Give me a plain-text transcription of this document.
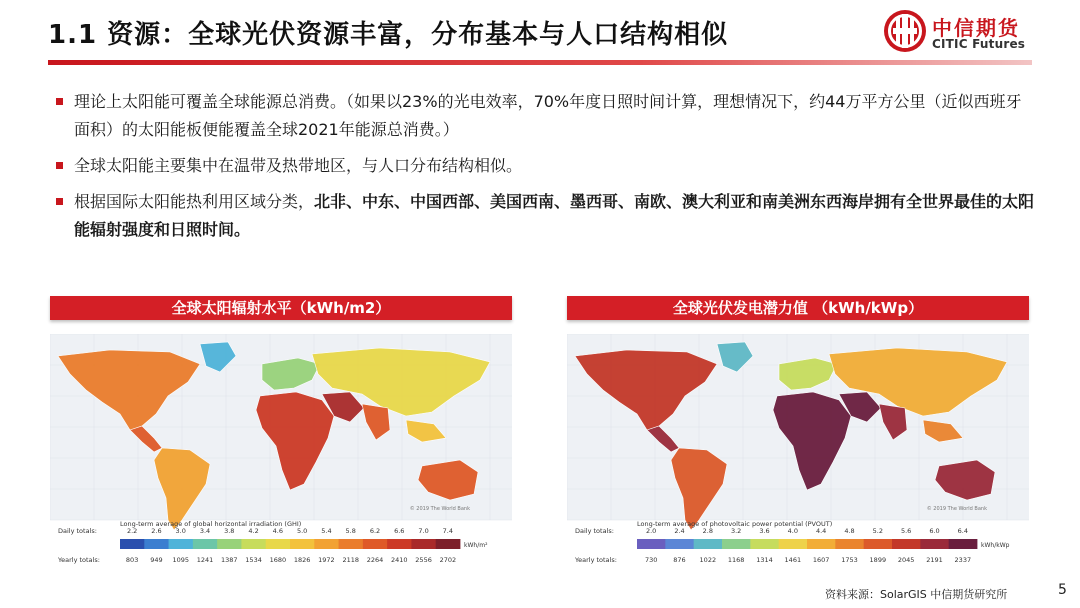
1.1 资源：全球光伏资源丰富，分布基本与人口结构相似	中信期货
CITIC Futures
理论上太阳能可覆盖全球能源总消费。（如果以23%的光电效率，70%年度日照时间计算，理想情况下，约44万平方公里（近似西班牙面积）的太阳能板便能覆盖全球2021年能源总消费。）
全球太阳能主要集中在温带及热带地区，与人口分布结构相似。
根据国际太阳能热利用区域分类，北非、中东、中国西部、美国西南、墨西哥、南欧、澳大利亚和南美洲东西海岸拥有全世界最佳的太阳能辐射强度和日照时间。
全球太阳辐射水平（kWh/m2）	全球光伏发电潜力值 （kWh/kWp）
© 2019 The World Bank
Long-term average of global horizontal irradiation (GHI)
Daily totals:
Yearly totals:
2.2 2.6 3.0 3.4 3.8 4.2 4.6 5.0 5.4 5.8 6.2 6.6 7.0 7.4
803 949 1095 1241 1387 1534 1680 1826 1972 2118 2264 2410 2556 2702
kWh/m²
© 2019 The World Bank
Long-term average of photovoltaic power potential (PVOUT)
Daily totals:
Yearly totals:
2.0	2.4	2.8	3.2	3.6	4.0	4.4	4.8	5.2	5.6	6.0	6.4
730 876 1022 1168 1314 1461 1607 1753 1899 2045 2191 2337
kWh/kWp
资料来源：SolarGIS 中信期货研究所	5
